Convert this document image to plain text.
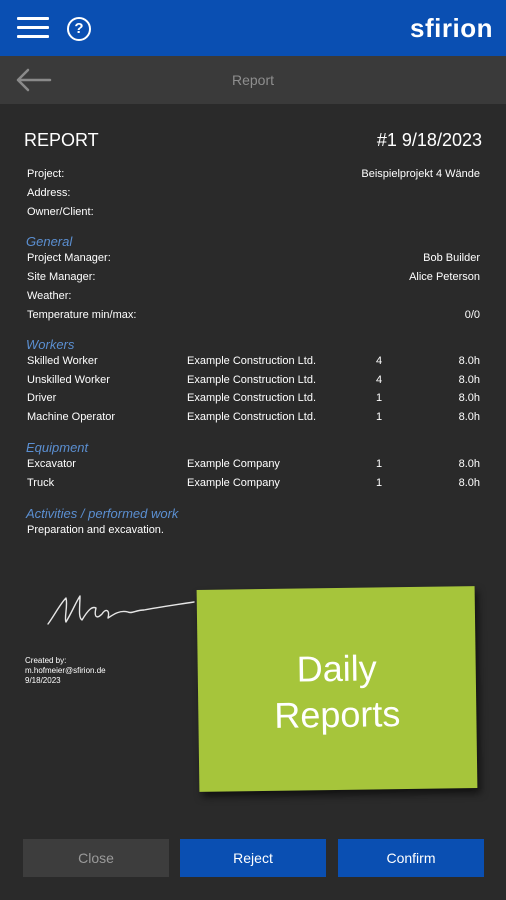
?	sfirion
Report
REPORT	#1 9/18/2023
Project:	Beispielprojekt 4 Wände
Address:
Owner/Client:
General
Project Manager:	Bob Builder
Site Manager:	Alice Peterson
Weather:
Temperature min/max:	0/0
Workers
Skilled Worker	Example Construction Ltd.	4	8.0h
Unskilled Worker	Example Construction Ltd.	4	8.0h
Driver	Example Construction Ltd.	1	8.0h
Machine Operator	Example Construction Ltd.	1	8.0h
Equipment
Excavator	Example Company	1	8.0h
Truck	Example Company	1	8.0h
Activities / performed work
Preparation and excavation.
Created by:
m.hofmeier@sfirion.de
9/18/2023	Daily
Reports
Close	Reject	Confirm
